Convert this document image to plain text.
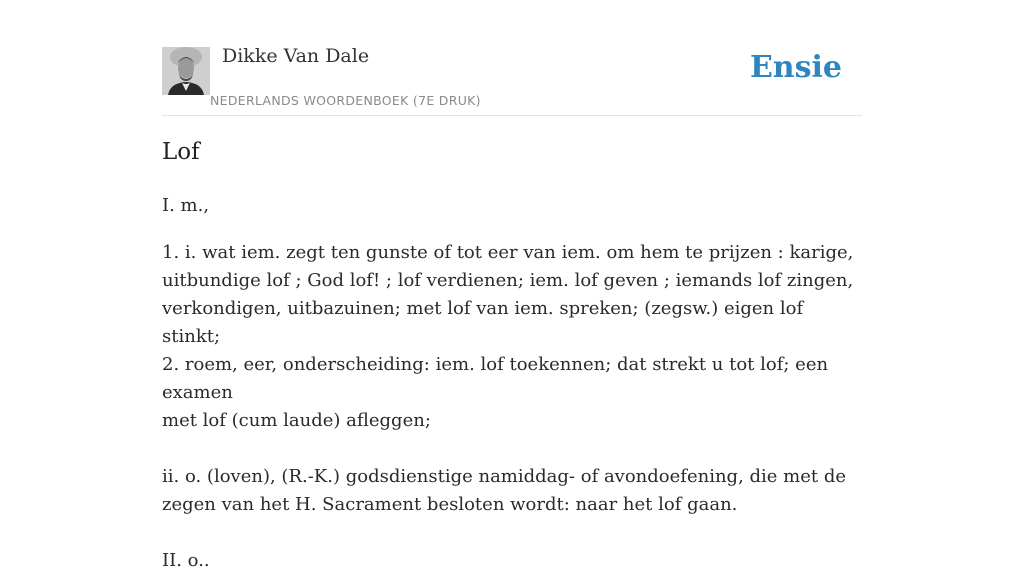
Dikke Van Dale
NEDERLANDS WOORDENBOEK (7E DRUK)
Ensie
Lof

I. m.,

1. i. wat iem. zegt ten gunste of tot eer van iem. om hem te prijzen : karige,

uitbundige lof ; God lof! ; lof verdienen; iem. lof geven ; iemands lof zingen,

verkondigen, uitbazuinen; met lof van iem. spreken; (zegsw.) eigen lof stinkt;

2. roem, eer, onderscheiding: iem. lof toekennen; dat strekt u tot lof; een examen

met lof (cum laude) afleggen;

ii. o. (loven), (R.-K.) godsdienstige namiddag- of avondoefening, die met de

zegen van het H. Sacrament besloten wordt: naar het lof gaan.

II. o..
